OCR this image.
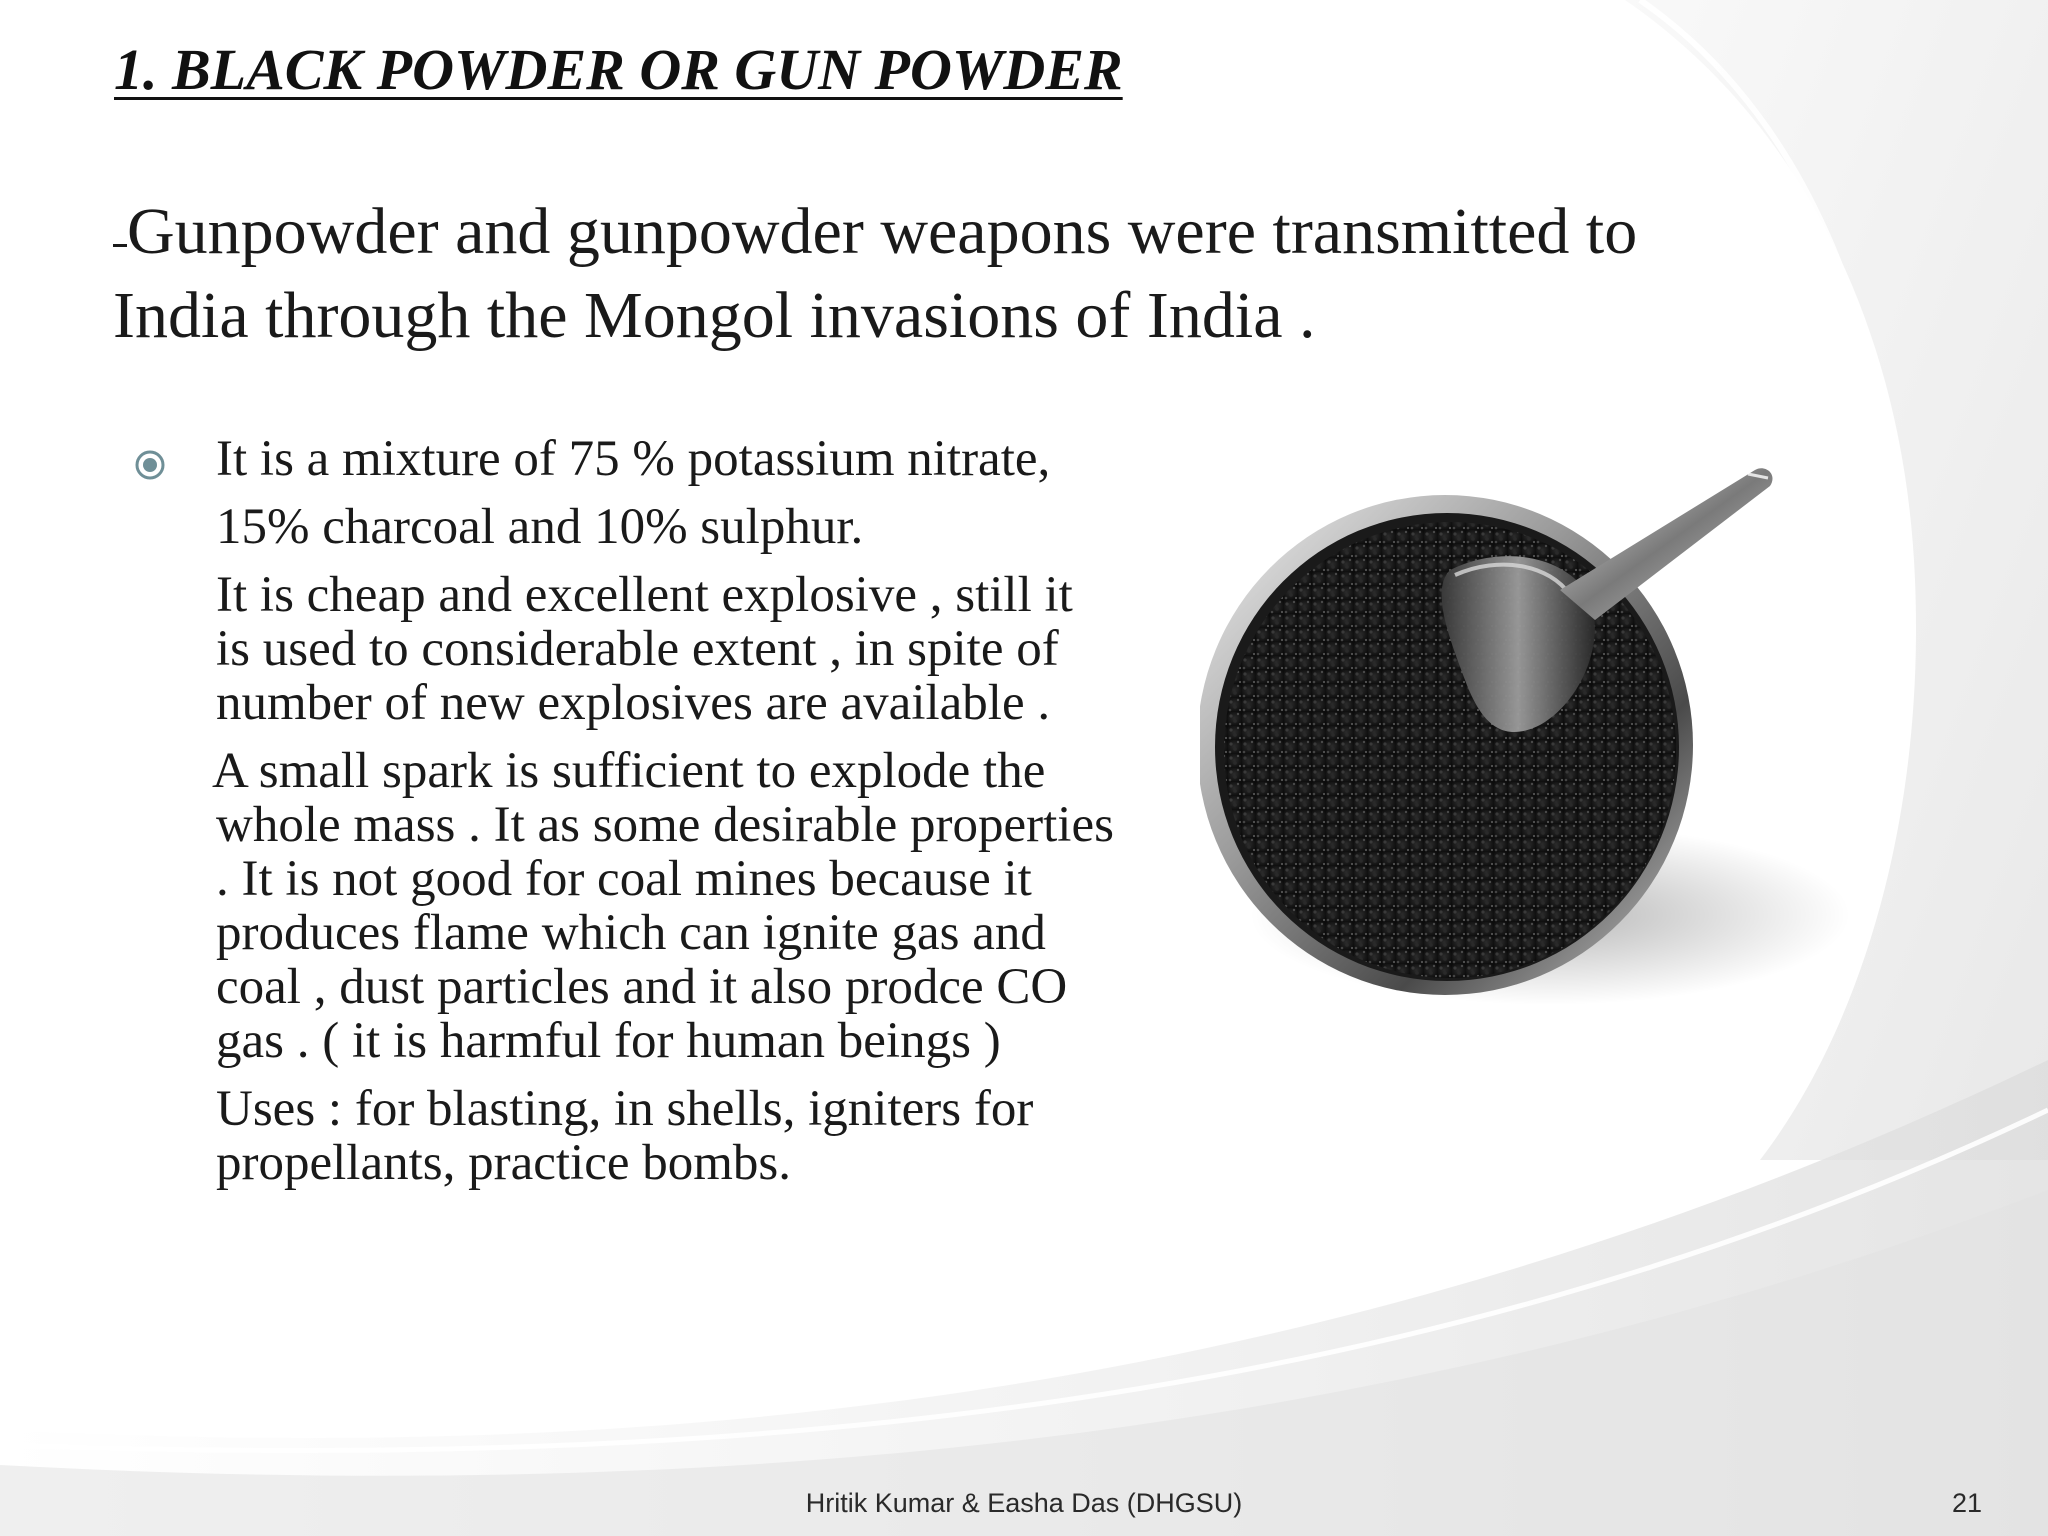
1. BLACK POWDER OR GUN POWDER

Gunpowder and gunpowder weapons were transmitted to India through the Mongol invasions of India .

It is a mixture of 75 % potassium nitrate,

15% charcoal and 10% sulphur.

It is cheap and excellent explosive , still it is used to considerable extent , in spite of number of new explosives are available .

A small spark is sufficient to explode the whole mass . It as some desirable properties . It is not good for coal mines because it produces flame which can ignite gas and coal , dust particles and it also prodce CO gas . ( it is harmful for human beings )

Uses : for blasting, in shells, igniters for propellants, practice bombs.

Hritik Kumar & Easha Das (DHGSU)	21
